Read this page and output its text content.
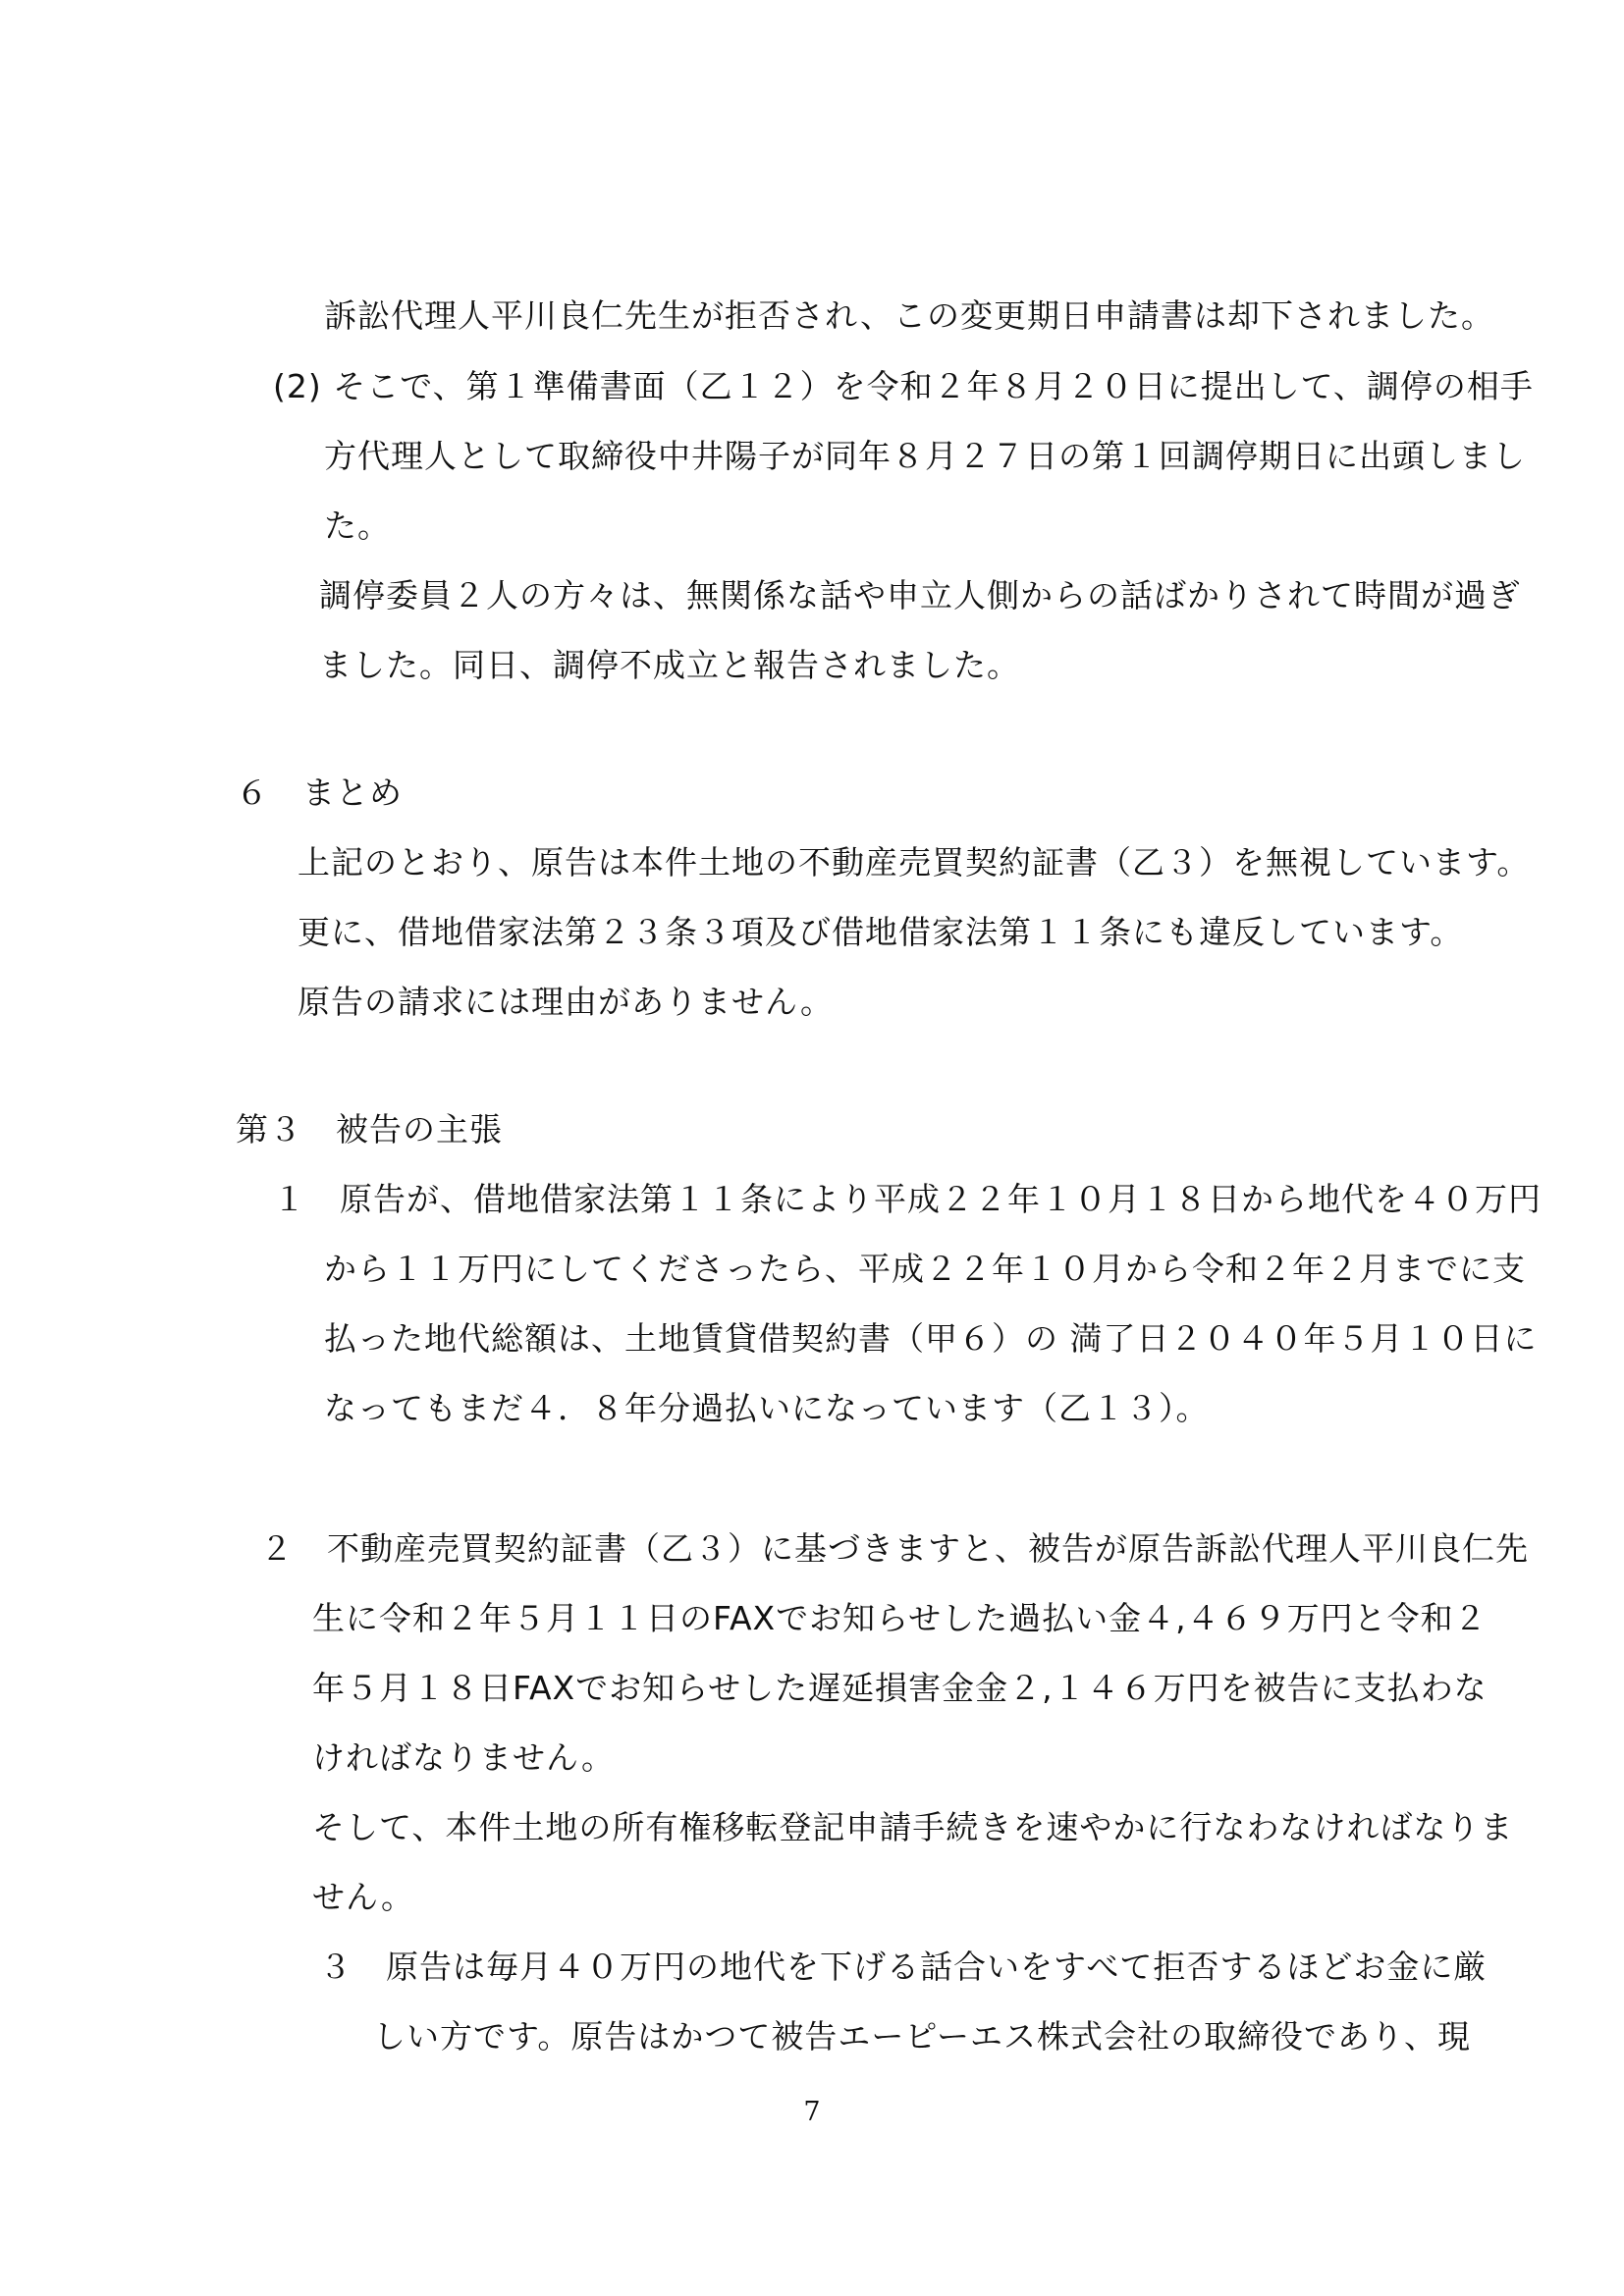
訴訟代理人平川良仁先生が拒否され、この変更期日申請書は却下されました。
(2) そこで、第１準備書面（乙１２）を令和２年８月２０日に提出して、調停の相手
方代理人として取締役中井陽子が同年８月２７日の第１回調停期日に出頭しまし
た。
調停委員２人の方々は、無関係な話や申立人側からの話ばかりされて時間が過ぎ
ました。同日、調停不成立と報告されました。
６　まとめ
上記のとおり、原告は本件土地の不動産売買契約証書（乙３）を無視しています。
更に、借地借家法第２３条３項及び借地借家法第１１条にも違反しています。
原告の請求には理由がありません。
第３　被告の主張
１　原告が、借地借家法第１１条により平成２２年１０月１８日から地代を４０万円
から１１万円にしてくださったら、平成２２年１０月から令和２年２月までに支
払った地代総額は、土地賃貸借契約書（甲６）の 満了日２０４０年５月１０日に
なってもまだ４．８年分過払いになっています（乙１３）。
２　不動産売買契約証書（乙３）に基づきますと、被告が原告訴訟代理人平川良仁先
生に令和２年５月１１日のFAXでお知らせした過払い金４,４６９万円と令和２
年５月１８日FAXでお知らせした遅延損害金金２,１４６万円を被告に支払わな
ければなりません。
そして、本件土地の所有権移転登記申請手続きを速やかに行なわなければなりま
せん。
３　原告は毎月４０万円の地代を下げる話合いをすべて拒否するほどお金に厳
しい方です。原告はかつて被告エーピーエス株式会社の取締役であり、現
7
